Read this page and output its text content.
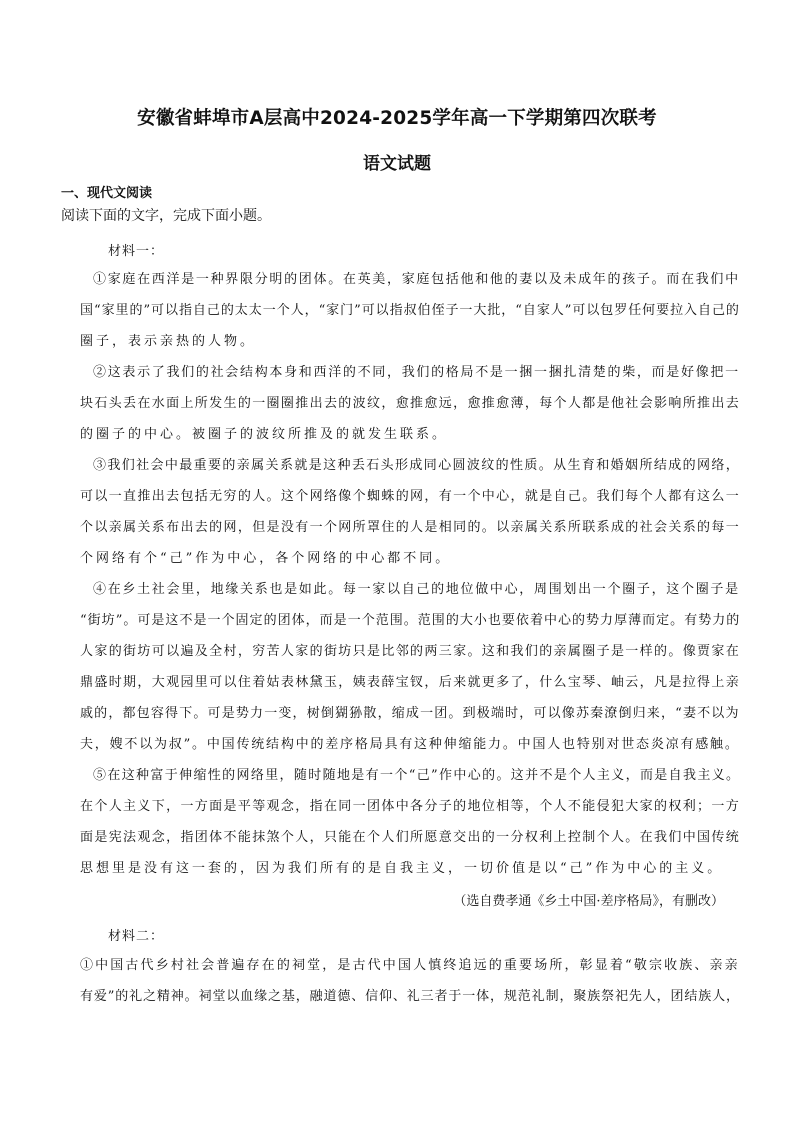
安徽省蚌埠市A层高中2024-2025学年高一下学期第四次联考
语文试题
一、现代文阅读
阅读下面的文字，完成下面小题。
材料一：
①家庭在西洋是一种界限分明的团体。在英美，家庭包括他和他的妻以及未成年的孩子。而在我们中
国“家里的”可以指自己的太太一个人，“家门”可以指叔伯侄子一大批，“自家人”可以包罗任何要拉入自己的
圈子，表示亲热的人物。
②这表示了我们的社会结构本身和西洋的不同，我们的格局不是一捆一捆扎清楚的柴，而是好像把一
块石头丢在水面上所发生的一圈圈推出去的波纹，愈推愈远，愈推愈薄，每个人都是他社会影响所推出去
的圈子的中心。被圈子的波纹所推及的就发生联系。
③我们社会中最重要的亲属关系就是这种丢石头形成同心圆波纹的性质。从生育和婚姻所结成的网络，
可以一直推出去包括无穷的人。这个网络像个蜘蛛的网，有一个中心，就是自己。我们每个人都有这么一
个以亲属关系布出去的网，但是没有一个网所罩住的人是相同的。以亲属关系所联系成的社会关系的每一
个网络有个“己”作为中心，各个网络的中心都不同。
④在乡土社会里，地缘关系也是如此。每一家以自己的地位做中心，周围划出一个圈子，这个圈子是
“街坊”。可是这不是一个固定的团体，而是一个范围。范围的大小也要依着中心的势力厚薄而定。有势力的
人家的街坊可以遍及全村，穷苦人家的街坊只是比邻的两三家。这和我们的亲属圈子是一样的。像贾家在
鼎盛时期，大观园里可以住着姑表林黛玉，姨表薛宝钗，后来就更多了，什么宝琴、岫云，凡是拉得上亲
戚的，都包容得下。可是势力一变，树倒猢狲散，缩成一团。到极端时，可以像苏秦潦倒归来，“妻不以为
夫，嫂不以为叔”。中国传统结构中的差序格局具有这种伸缩能力。中国人也特别对世态炎凉有感触。
⑤在这种富于伸缩性的网络里，随时随地是有一个“己”作中心的。这并不是个人主义，而是自我主义。
在个人主义下，一方面是平等观念，指在同一团体中各分子的地位相等，个人不能侵犯大家的权利；一方
面是宪法观念，指团体不能抹煞个人，只能在个人们所愿意交出的一分权利上控制个人。在我们中国传统
思想里是没有这一套的，因为我们所有的是自我主义，一切价值是以“己”作为中心的主义。
（选自费孝通《乡土中国·差序格局》，有删改）
材料二：
①中国古代乡村社会普遍存在的祠堂，是古代中国人慎终追远的重要场所，彰显着“敬宗收族、亲亲
有爱”的礼之精神。祠堂以血缘之基，融道德、信仰、礼三者于一体，规范礼制，聚族祭祀先人，团结族人，
